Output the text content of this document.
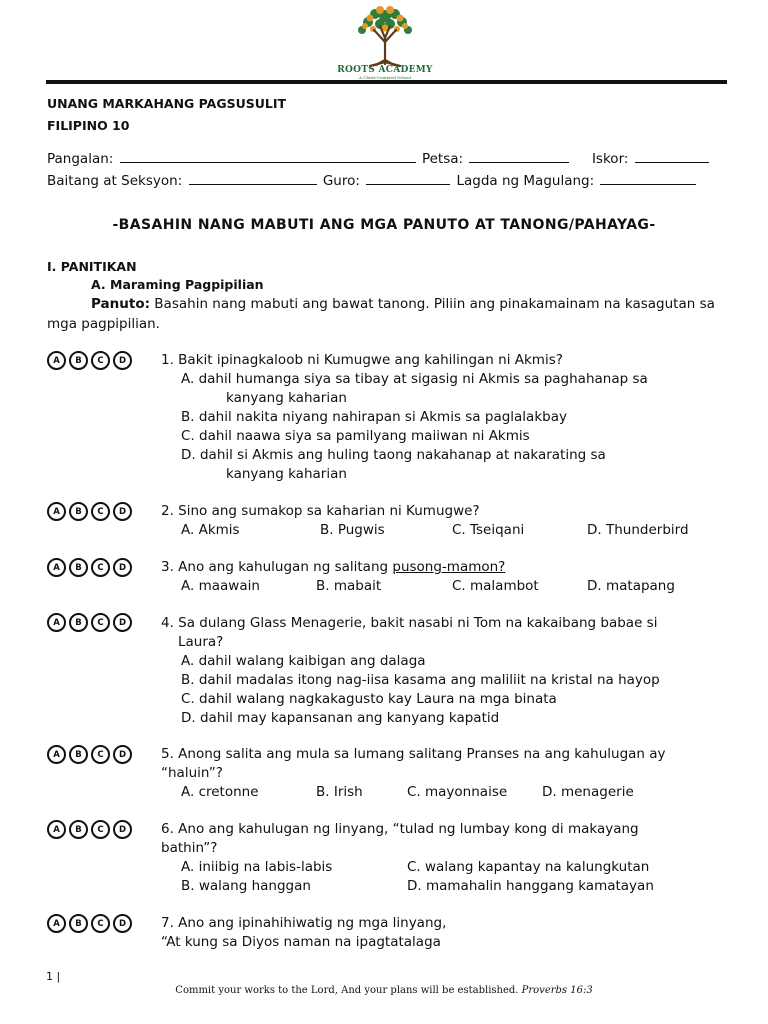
ROOTS ACADEMY
A Christ-Centered School
UNANG MARKAHANG PAGSUSULIT
FILIPINO 10
Pangalan:	Petsa:	Iskor:
Baitang at Seksyon:	Guro:	Lagda ng Magulang:
-BASAHIN NANG MABUTI ANG MGA PANUTO AT TANONG/PAHAYAG-
I. PANITIKAN
A. Maraming Pagpipilian
Panuto: Basahin nang mabuti ang bawat tanong. Piliin ang pinakamainam na kasagutan sa mga pagpipilian.
A	B	C	D	1. Bakit ipinagkaloob ni Kumugwe ang kahilingan ni Akmis?
A. dahil humanga siya sa tibay at sigasig ni Akmis sa paghahanap sa
kanyang kaharian
B. dahil nakita niyang nahirapan si Akmis sa paglalakbay
C. dahil naawa siya sa pamilyang maiiwan ni Akmis
D. dahil si Akmis ang huling taong nakahanap at nakarating sa
kanyang kaharian
A	B	C	D	2. Sino ang sumakop sa kaharian ni Kumugwe?
A. Akmis	B. Pugwis	C. Tseiqani	D. Thunderbird
A	B	C	D	3. Ano ang kahulugan ng salitang pusong-mamon?
A. maawain	B. mabait	C. malambot	D. matapang
A	B	C	D	4. Sa dulang Glass Menagerie, bakit nasabi ni Tom na kakaibang babae si
Laura?
A. dahil walang kaibigan ang dalaga
B. dahil madalas itong nag-iisa kasama ang maliliit na kristal na hayop
C. dahil walang nagkakagusto kay Laura na mga binata
D. dahil may kapansanan ang kanyang kapatid
A	B	C	D	5. Anong salita ang mula sa lumang salitang Pranses na ang kahulugan ay
“haluin”?
A. cretonne	B. Irish	C. mayonnaise	D. menagerie
A	B	C	D	6. Ano ang kahulugan ng linyang, “tulad ng lumbay kong di makayang
bathin”?
A. iniibig na labis-labis	C. walang kapantay na kalungkutan
B. walang hanggan	D. mamahalin hanggang kamatayan
A	B	C	D	7. Ano ang ipinahihiwatig ng mga linyang,
“At kung sa Diyos naman na ipagtatalaga
1 |
Commit your works to the Lord, And your plans will be established. Proverbs 16:3
